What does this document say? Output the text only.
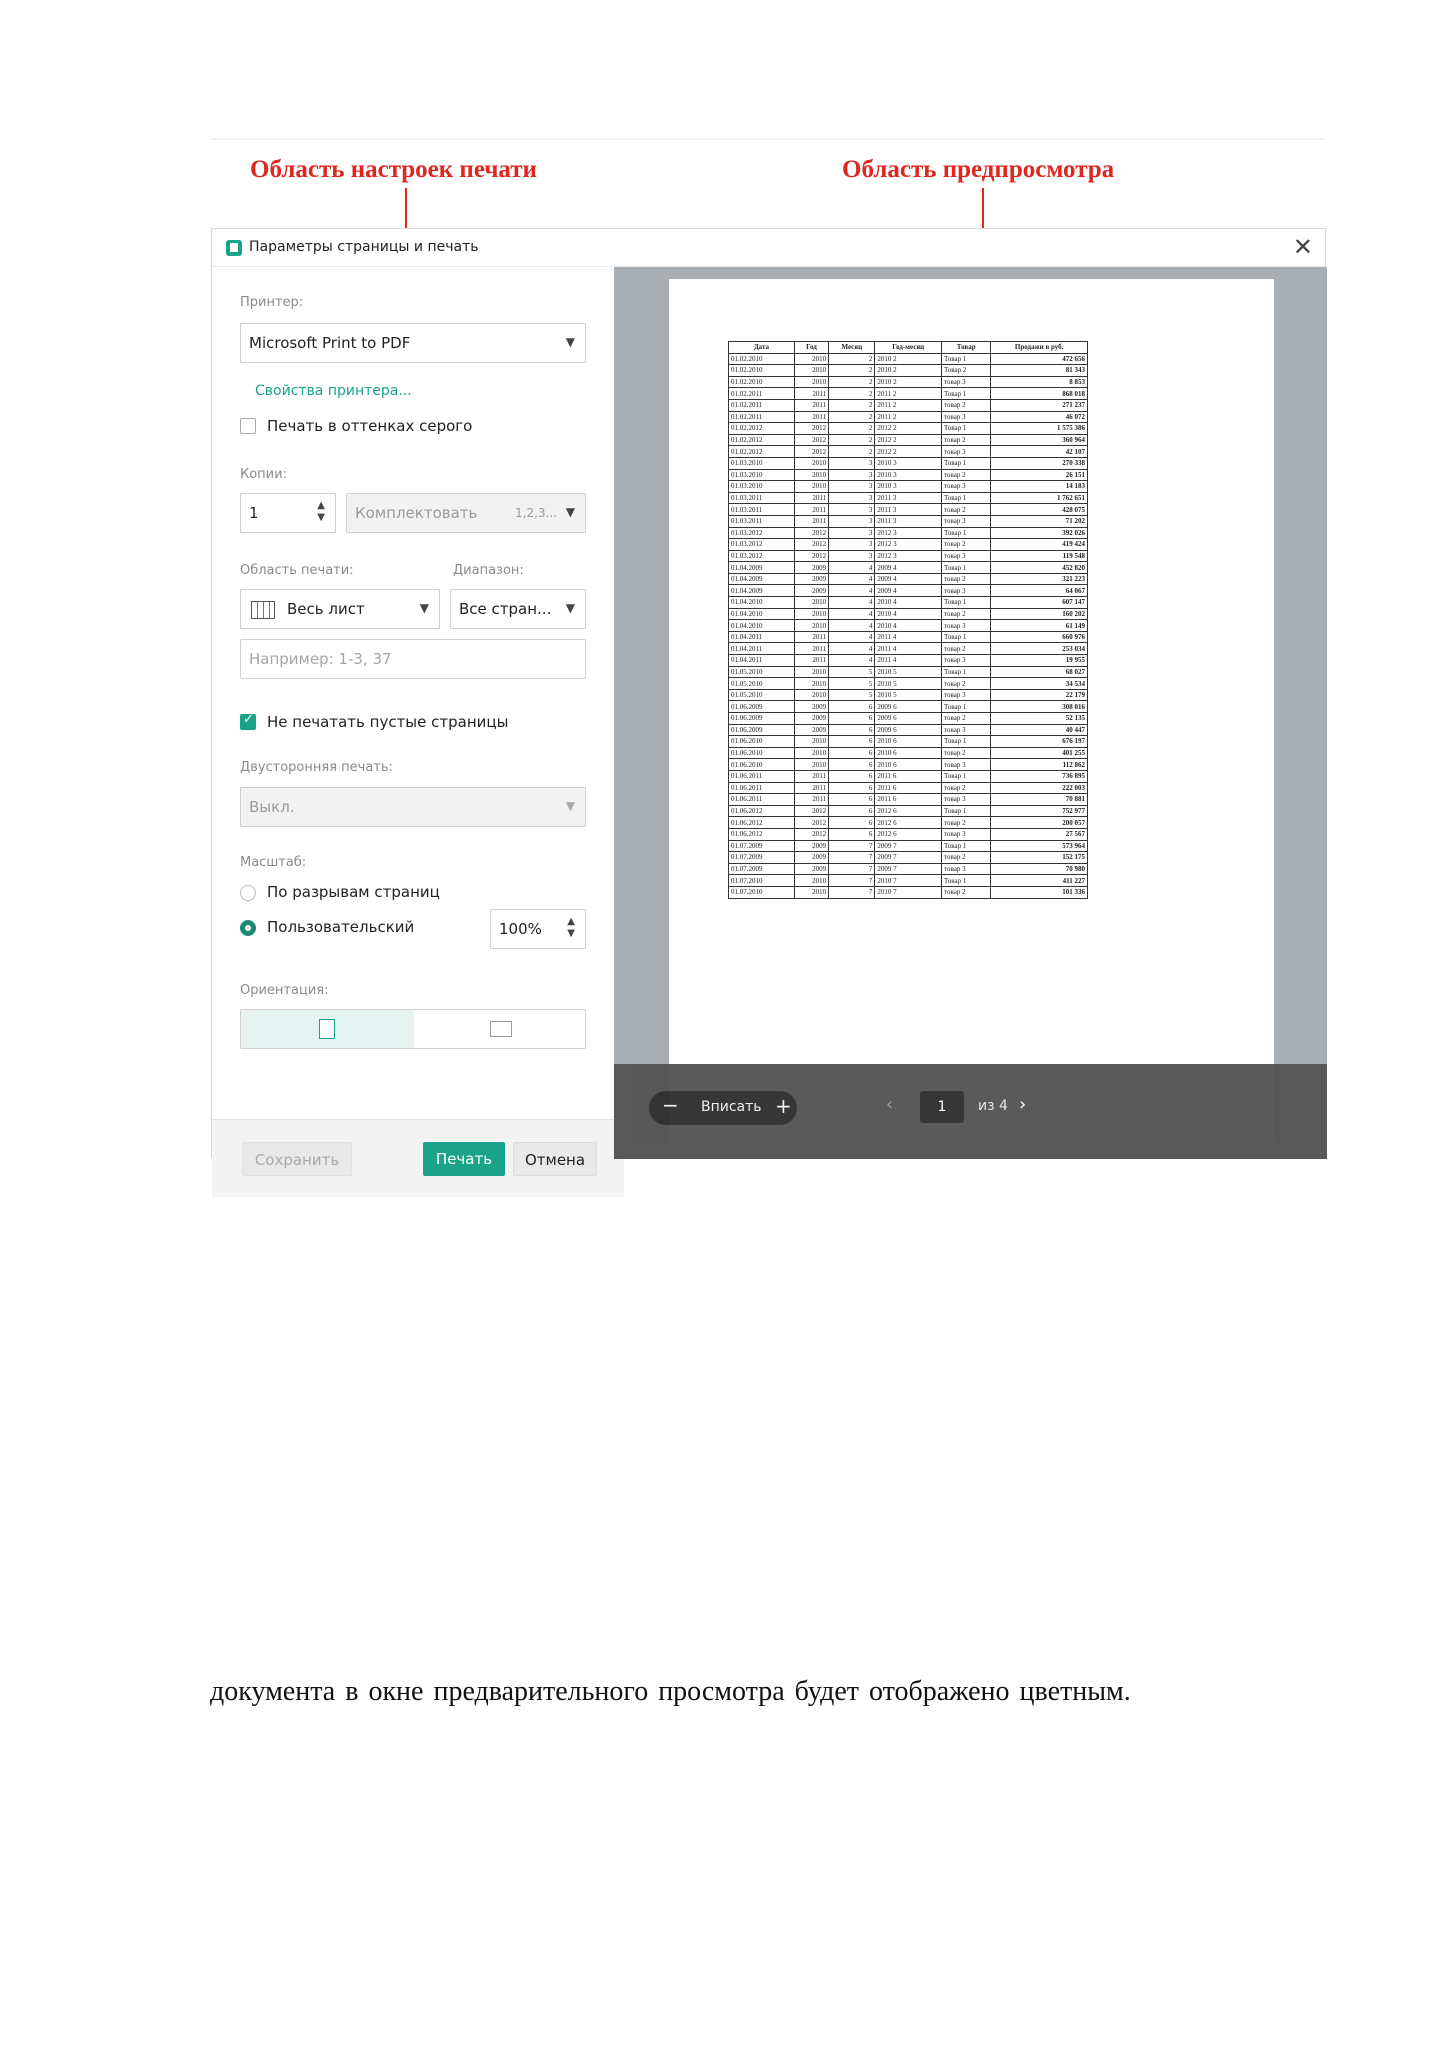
Область настроек печати	Область предпросмотра
Параметры страницы и печать	✕
Принтер:
Microsoft Print to PDF	▼
Свойства принтера...
Печать в оттенках серого
Копии:
1	▲
▼ Комплектовать	1,2,3... ▼
Область печати:	Диапазон:
Весь лист	▼ Все стран... ▼
Например: 1-3, 37
✓
Не печатать пустые страницы
Двусторонняя печать:
Выкл.	▼
Масштаб:
По разрывам страниц
Пользовательский	100%	▲
▼
Ориентация:
Сохранить	Печать	Отмена
Дата	Год	Месяц	Год-месяц	Товар	Продажи в руб.
01.02.2010	2010	2	2010 2	Товар 1	472 656
01.02.2010	2010	2	2010 2	Товар 2	81 343
01.02.2010	2010	2	2010 2	товар 3	8 853
01.02.2011	2011	2	2011 2	Товар 1	868 018
01.02.2011	2011	2	2011 2	товар 2	271 237
01.02.2011	2011	2	2011 2	товар 3	46 072
01.02.2012	2012	2	2012 2	Товар 1	1 575 386
01.02.2012	2012	2	2012 2	товар 2	360 964
01.02.2012	2012	2	2012 2	товар 3	42 107
01.03.2010	2010	3	2010 3	Товар 1	270 338
01.03.2010	2010	3	2010 3	товар 2	26 151
01.03.2010	2010	3	2010 3	товар 3	14 183
01.03.2011	2011	3	2011 3	Товар 1	1 762 651
01.03.2011	2011	3	2011 3	товар 2	428 075
01.03.2011	2011	3	2011 3	товар 3	71 202
01.03.2012	2012	3	2012 3	Товар 1	392 026
01.03.2012	2012	3	2012 3	товар 2	419 424
01.03.2012	2012	3	2012 3	товар 3	119 548
01.04.2009	2009	4	2009 4	Товар 1	452 820
01.04.2009	2009	4	2009 4	товар 2	321 223
01.04.2009	2009	4	2009 4	товар 3	64 067
01.04.2010	2010	4	2010 4	Товар 1	607 147
01.04.2010	2010	4	2010 4	товар 2	160 202
01.04.2010	2010	4	2010 4	товар 3	61 149
01.04.2011	2011	4	2011 4	Товар 1	660 976
01.04.2011	2011	4	2011 4	товар 2	253 034
01.04.2011	2011	4	2011 4	товар 3	19 955
01.05.2010	2010	5	2010 5	Товар 1	68 027
01.05.2010	2010	5	2010 5	товар 2	34 534
01.05.2010	2010	5	2010 5	товар 3	22 179
01.06.2009	2009	6	2009 6	Товар 1	308 016
01.06.2009	2009	6	2009 6	товар 2	52 135
01.06.2009	2009	6	2009 6	товар 3	40 447
01.06.2010	2010	6	2010 6	Товар 1	676 197
01.06.2010	2010	6	2010 6	товар 2	401 255
01.06.2010	2010	6	2010 6	товар 3	112 862
01.06.2011	2011	6	2011 6	Товар 1	736 895
01.06.2011	2011	6	2011 6	товар 2	222 003
01.06.2011	2011	6	2011 6	товар 3	70 881
01.06.2012	2012	6	2012 6	Товар 1	752 977
01.06.2012	2012	6	2012 6	товар 2	200 057
01.06.2012	2012	6	2012 6	товар 3	27 567
01.07.2009	2009	7	2009 7	Товар 1	573 964
01.07.2009	2009	7	2009 7	товар 2	152 175
01.07.2009	2009	7	2009 7	товар 3	70 980
01.07.2010	2010	7	2010 7	Товар 1	411 227
01.07.2010	2010	7	2010 7	товар 2	101 336
− Вписать +	‹	1	из 4 ›
документа в окне предварительного просмотра будет отображено цветным.
